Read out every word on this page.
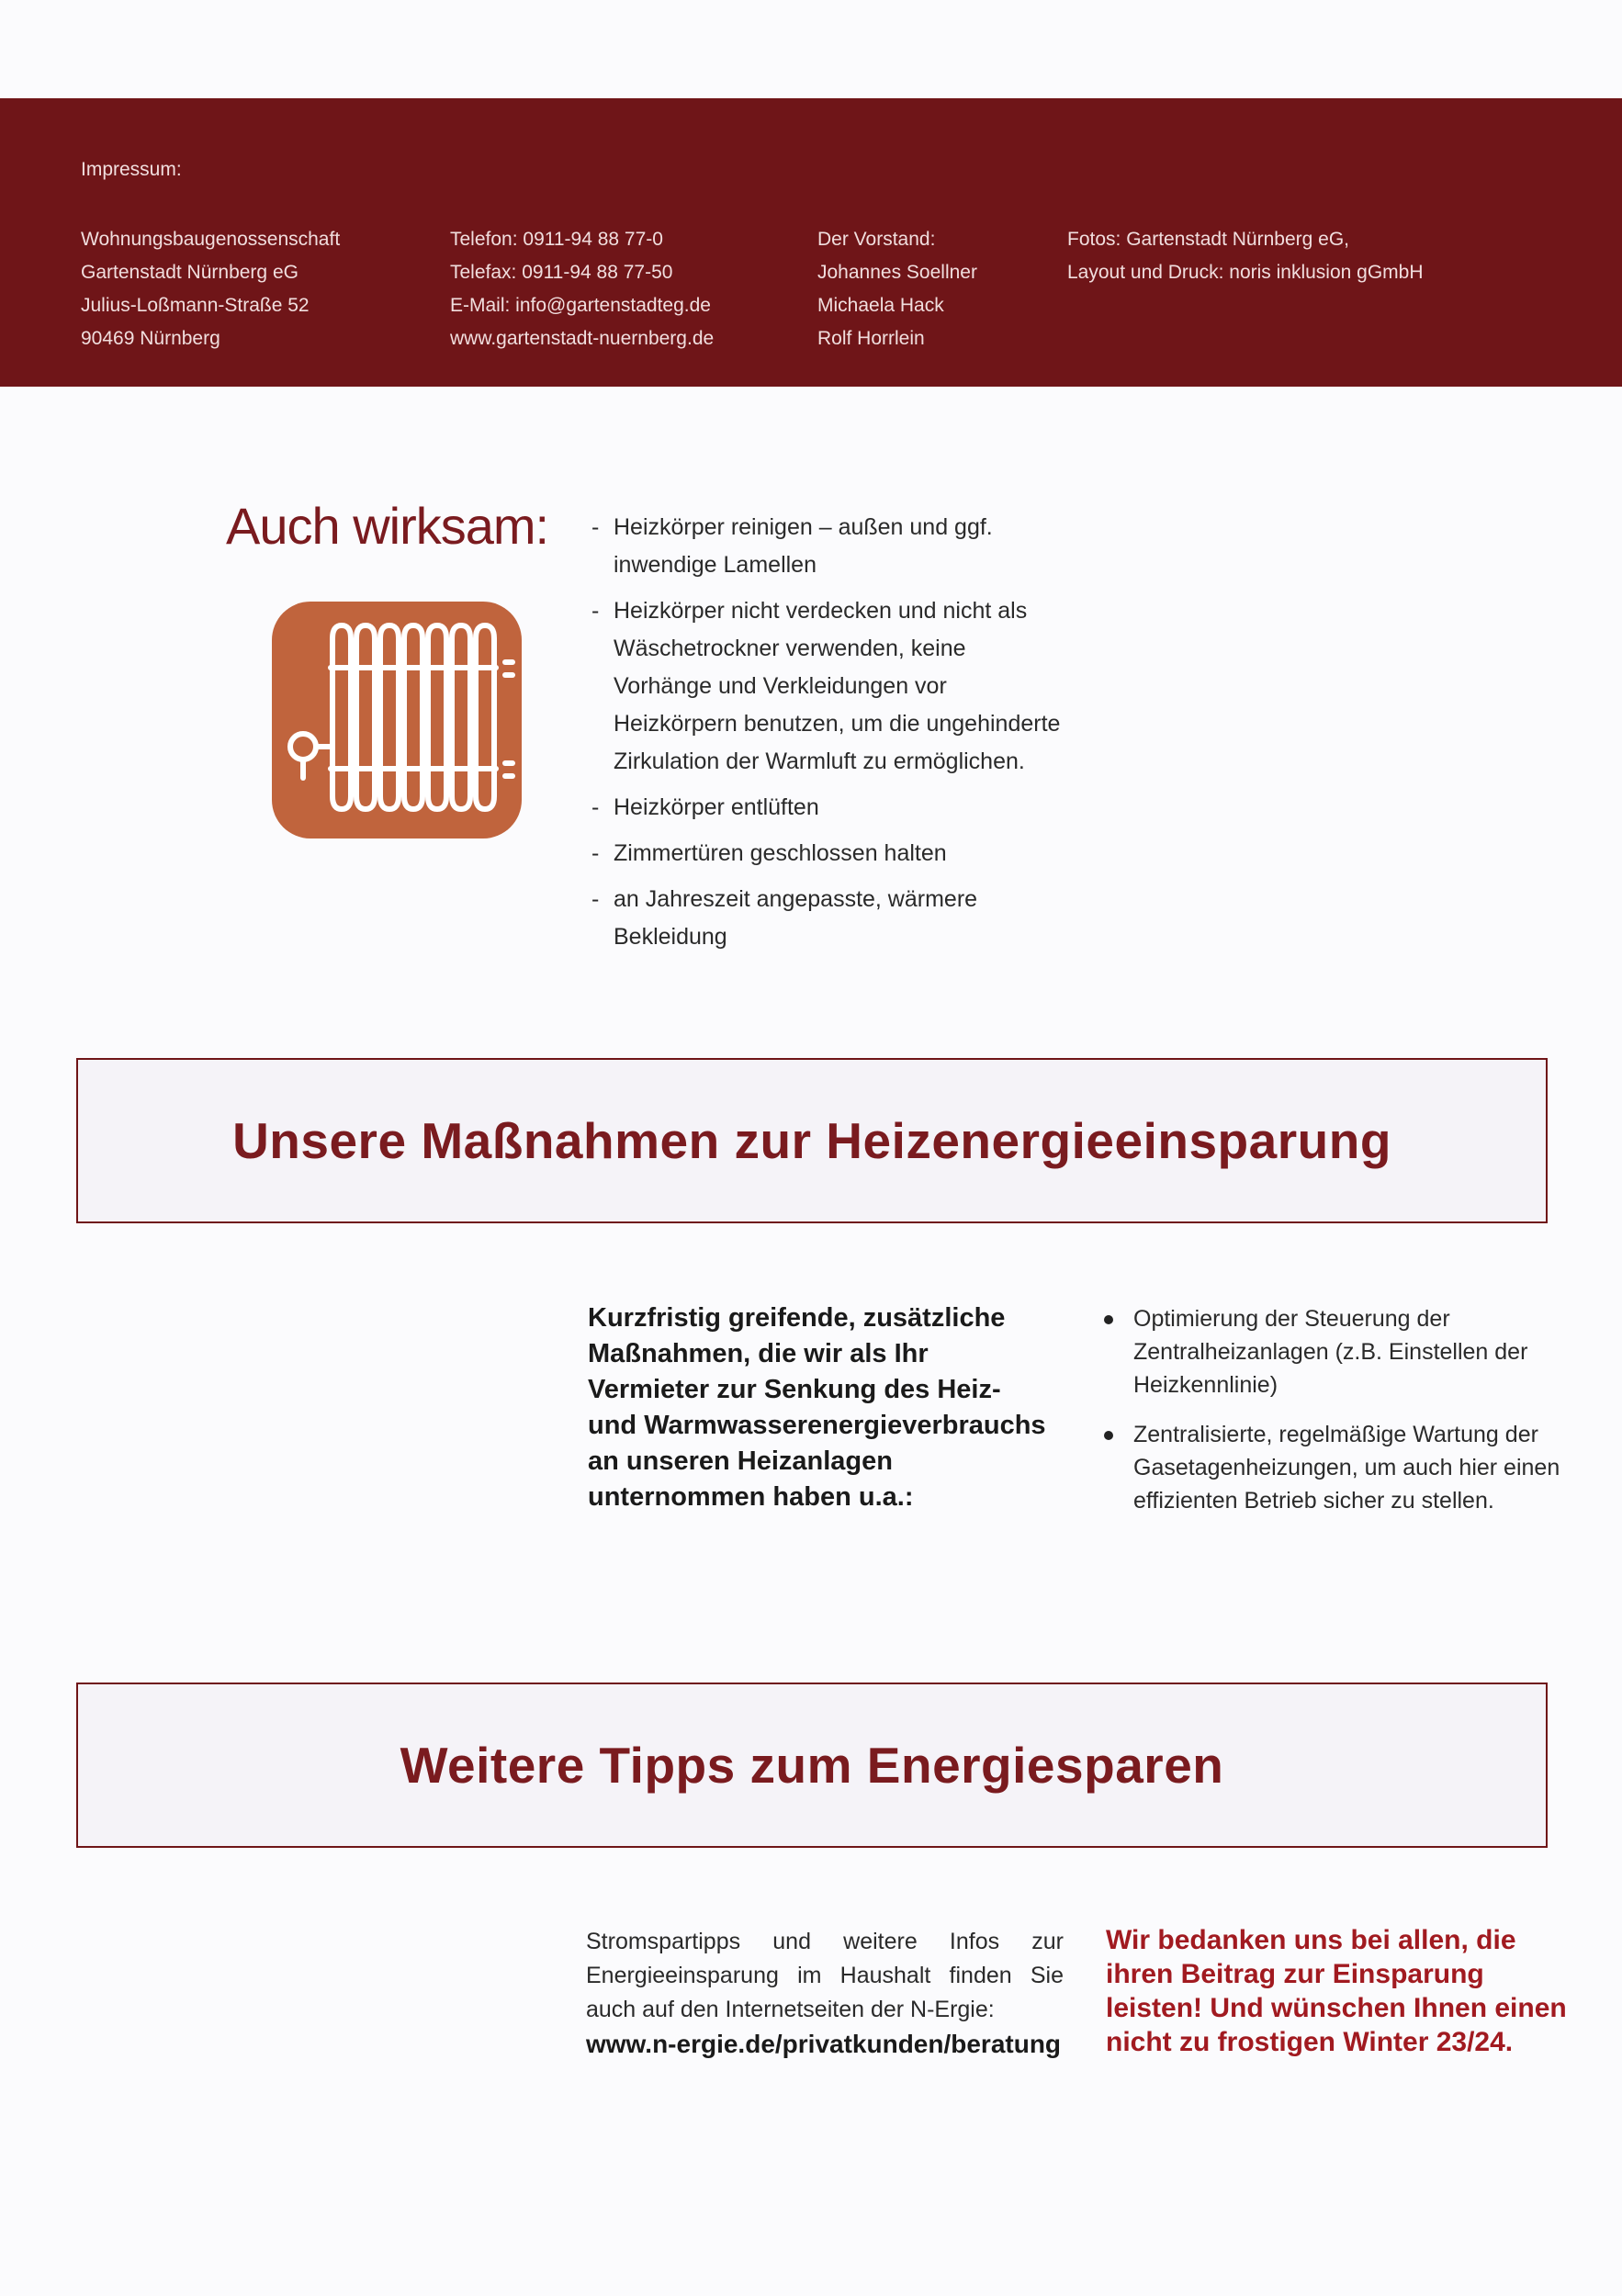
Impressum:
Wohnungsbaugenossenschaft
Gartenstadt Nürnberg eG
Julius-Loßmann-Straße 52
90469 Nürnberg
Telefon: 0911-94 88 77-0
Telefax: 0911-94 88 77-50
E-Mail: info@gartenstadteg.de
www.gartenstadt-nuernberg.de
Der Vorstand:
Johannes Soellner
Michaela Hack
Rolf Horrlein
Fotos: Gartenstadt Nürnberg eG,
Layout und Druck: noris inklusion gGmbH
Auch wirksam:
-	Heizkörper reinigen – außen und ggf. inwendige Lamellen
- Heizkörper nicht verdecken und nicht als Wäschetrockner verwenden, keine Vorhänge und Verkleidungen vor Heizkörpern benutzen, um die ungehinderte Zirkulation der Warmluft zu ermöglichen.
- Heizkörper entlüften
- Zimmertüren geschlossen halten
- an Jahreszeit angepasste, wärmere Bekleidung
Unsere Maßnahmen zur Heizenergieeinsparung

Kurzfristig greifende, zusätzliche Maßnahmen, die wir als Ihr Vermieter zur Senkung des Heiz- und Warmwasserenergieverbrauchs an unseren Heizanlagen unternommen haben u.a.:

Optimierung der Steuerung der Zentralheizanlagen (z.B. Einstellen der Heizkennlinie)
Zentralisierte, regelmäßige Wartung der Gasetagenheizungen, um auch hier einen effizienten Betrieb sicher zu stellen.
Weitere Tipps zum Energiesparen

Stromspartipps und weitere Infos zur Energieeinsparung im Haushalt finden Sie auch auf den Internetseiten der N-Ergie:

www.n-ergie.de/privatkunden/beratung

Wir bedanken uns bei allen, die ihren Beitrag zur Einsparung leisten! Und wünschen Ihnen einen nicht zu frostigen Winter 23/24.
